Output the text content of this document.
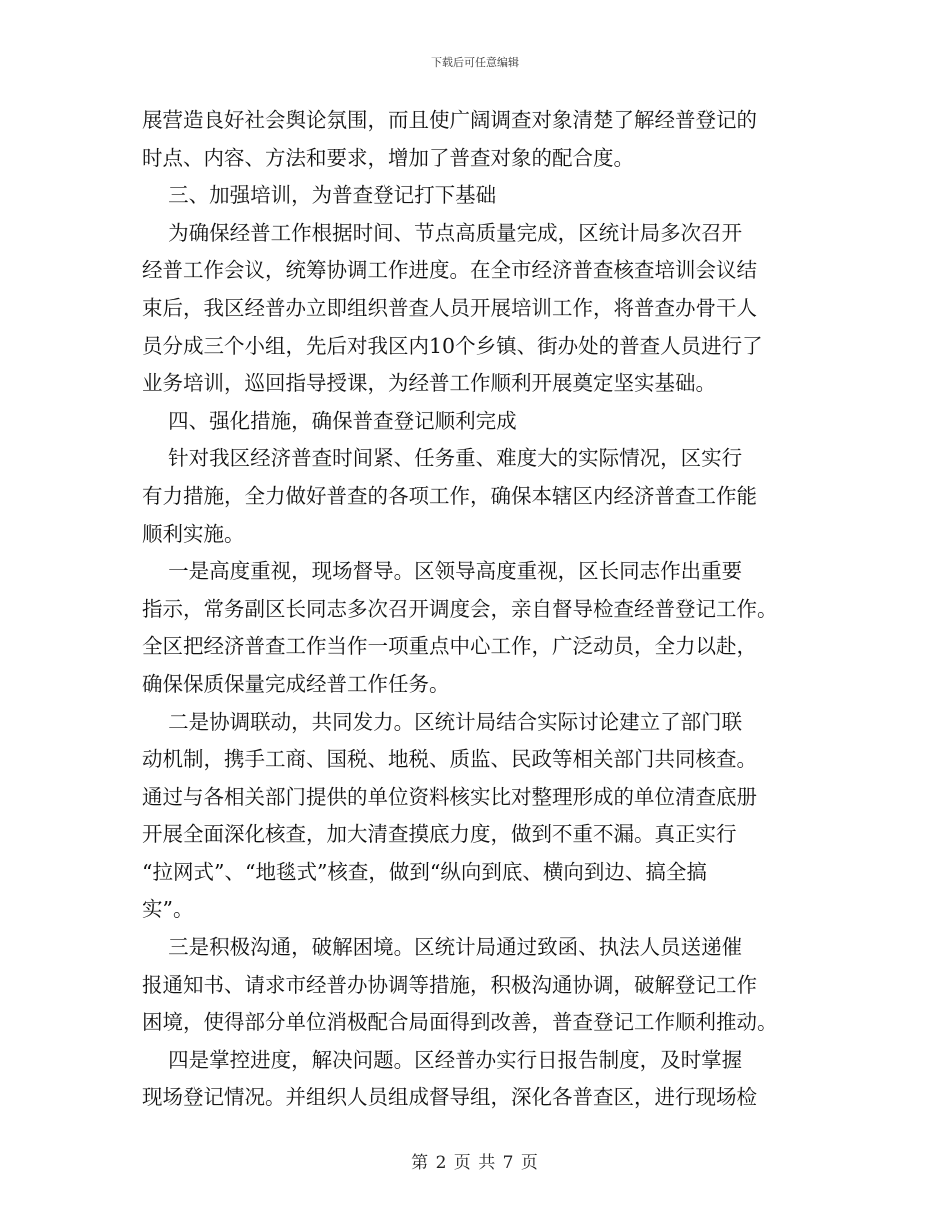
下载后可任意编辑
展营造良好社会舆论氛围，而且使广阔调查对象清楚了解经普登记的
时点、内容、方法和要求，增加了普查对象的配合度。
三、加强培训，为普查登记打下基础
为确保经普工作根据时间、节点高质量完成，区统计局多次召开
经普工作会议，统筹协调工作进度。在全市经济普查核查培训会议结
束后，我区经普办立即组织普查人员开展培训工作，将普查办骨干人
员分成三个小组，先后对我区内10个乡镇、街办处的普查人员进行了
业务培训，巡回指导授课，为经普工作顺利开展奠定坚实基础。
四、强化措施，确保普查登记顺利完成
针对我区经济普查时间紧、任务重、难度大的实际情况，区实行
有力措施，全力做好普查的各项工作，确保本辖区内经济普查工作能
顺利实施。
一是高度重视，现场督导。区领导高度重视，区长同志作出重要
指示，常务副区长同志多次召开调度会，亲自督导检查经普登记工作。
全区把经济普查工作当作一项重点中心工作，广泛动员，全力以赴，
确保保质保量完成经普工作任务。
二是协调联动，共同发力。区统计局结合实际讨论建立了部门联
动机制，携手工商、国税、地税、质监、民政等相关部门共同核查。
通过与各相关部门提供的单位资料核实比对整理形成的单位清查底册
开展全面深化核查，加大清查摸底力度，做到不重不漏。真正实行
“拉网式”、“地毯式”核查，做到“纵向到底、横向到边、搞全搞
实”。
三是积极沟通，破解困境。区统计局通过致函、执法人员送递催
报通知书、请求市经普办协调等措施，积极沟通协调，破解登记工作
困境，使得部分单位消极配合局面得到改善，普查登记工作顺利推动。
四是掌控进度，解决问题。区经普办实行日报告制度，及时掌握
现场登记情况。并组织人员组成督导组，深化各普查区，进行现场检
第 2 页 共 7 页
